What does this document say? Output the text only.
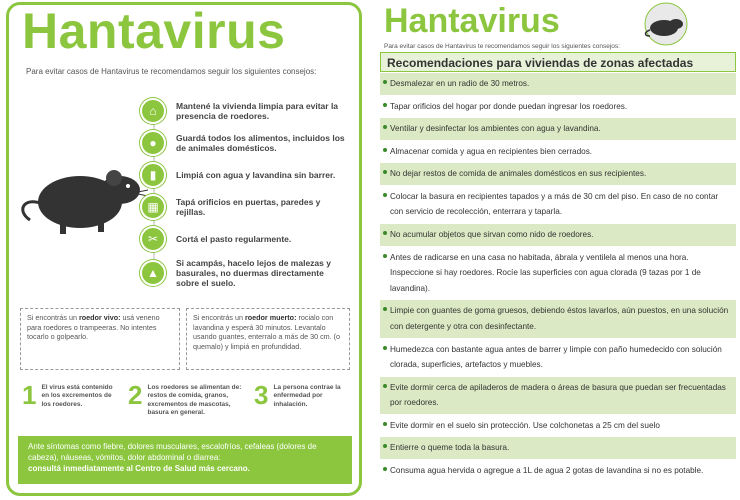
Hantavirus
Para evitar casos de Hantavirus te recomendamos seguir los siguientes consejos:
⌂	Mantené la vivienda limpia para evitar la presencia de roedores.
●	Guardá todos los alimentos, incluidos los de animales domésticos.
▮	Limpiá con agua y lavandina sin barrer.
▦	Tapá orificios en puertas, paredes y rejillas.
✂	Cortá el pasto regularmente.
▲
Si acampás, hacelo lejos de malezas y basurales, no duermas directamente sobre el suelo.
Si encontrás un roedor vivo: usá veneno para roedores o trampeeras. No intentes tocarlo o golpearlo.
Si encontrás un roedor muerto: rocialo con lavandina y esperá 30 minutos. Levantalo usando guantes, enterralo a más de 30 cm. (o quemalo) y limpiá en profundidad.
1 El virus está contenido en los excrementos de los roedores.	2 Los roedores se alimentan de: restos de comida, granos, excrementos de mascotas, basura en general.
3 La persona contrae la enfermedad por inhalación.
Ante síntomas como fiebre, dolores musculares, escalofríos, cefaleas (dolores de cabeza), náuseas, vómitos, dolor abdominal o diarrea:
consultá inmediatamente al Centro de Salud más cercano.
Hantavirus
Para evitar casos de Hantavirus te recomendamos seguir los siguientes consejos:
Recomendaciones para viviendas de zonas afectadas
Desmalezar en un radio de 30 metros.
Tapar orificios del hogar por donde puedan ingresar los roedores.
Ventilar y desinfectar los ambientes con agua y lavandina.
Almacenar comida y agua en recipientes bien cerrados.
No dejar restos de comida de animales domésticos en sus recipientes.
Colocar la basura en recipientes tapados y a más de 30 cm del piso. En caso de no contar con servicio de recolección, enterrara y taparla.
No acumular objetos que sirvan como nido de roedores.
Antes de radicarse en una casa no habitada, ábrala y ventilela al menos una hora. Inspeccione si hay roedores. Rocíe las superficies con agua clorada (9 tazas por 1 de lavandina).
Limpie con guantes de goma gruesos, debiendo éstos lavarlos, aún puestos, en una solución con detergente y otra con desinfectante.
Humedezca con bastante agua antes de barrer y limpie con paño humedecido con solución clorada, superficies, artefactos y muebles.
Evite dormir cerca de apiladeros de madera o áreas de basura que puedan ser frecuentadas por roedores.
Evite dormir en el suelo sin protección. Use colchonetas a 25 cm del suelo
Entierre o queme toda la basura.
Consuma agua hervida o agregue a 1L de agua 2 gotas de lavandina si no es potable.
